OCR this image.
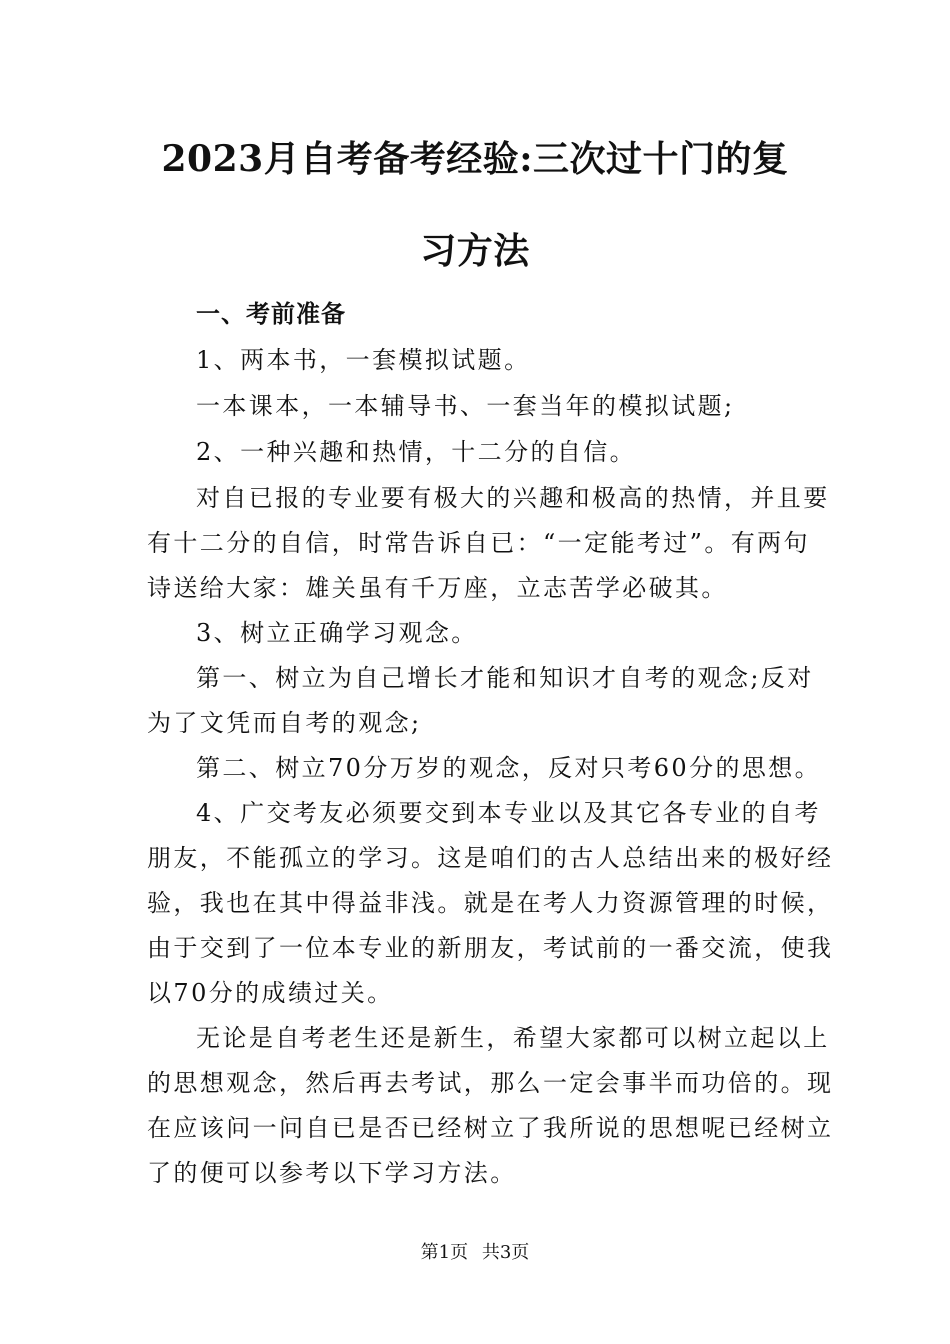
2023月自考备考经验:三次过十门的复
习方法
一、考前准备
1、两本书，一套模拟试题。
一本课本，一本辅导书、一套当年的模拟试题;
2、一种兴趣和热情，十二分的自信。
对自已报的专业要有极大的兴趣和极高的热情，并且要
有十二分的自信，时常告诉自已：“一定能考过”。有两句
诗送给大家：雄关虽有千万座，立志苦学必破其。
3、树立正确学习观念。
第一、树立为自己增长才能和知识才自考的观念;反对
为了文凭而自考的观念;
第二、树立70分万岁的观念，反对只考60分的思想。
4、广交考友必须要交到本专业以及其它各专业的自考
朋友，不能孤立的学习。这是咱们的古人总结出来的极好经
验，我也在其中得益非浅。就是在考人力资源管理的时候，
由于交到了一位本专业的新朋友，考试前的一番交流，使我
以70分的成绩过关。
无论是自考老生还是新生，希望大家都可以树立起以上
的思想观念，然后再去考试，那么一定会事半而功倍的。现
在应该问一问自已是否已经树立了我所说的思想呢已经树立
了的便可以参考以下学习方法。
第1页 共3页
